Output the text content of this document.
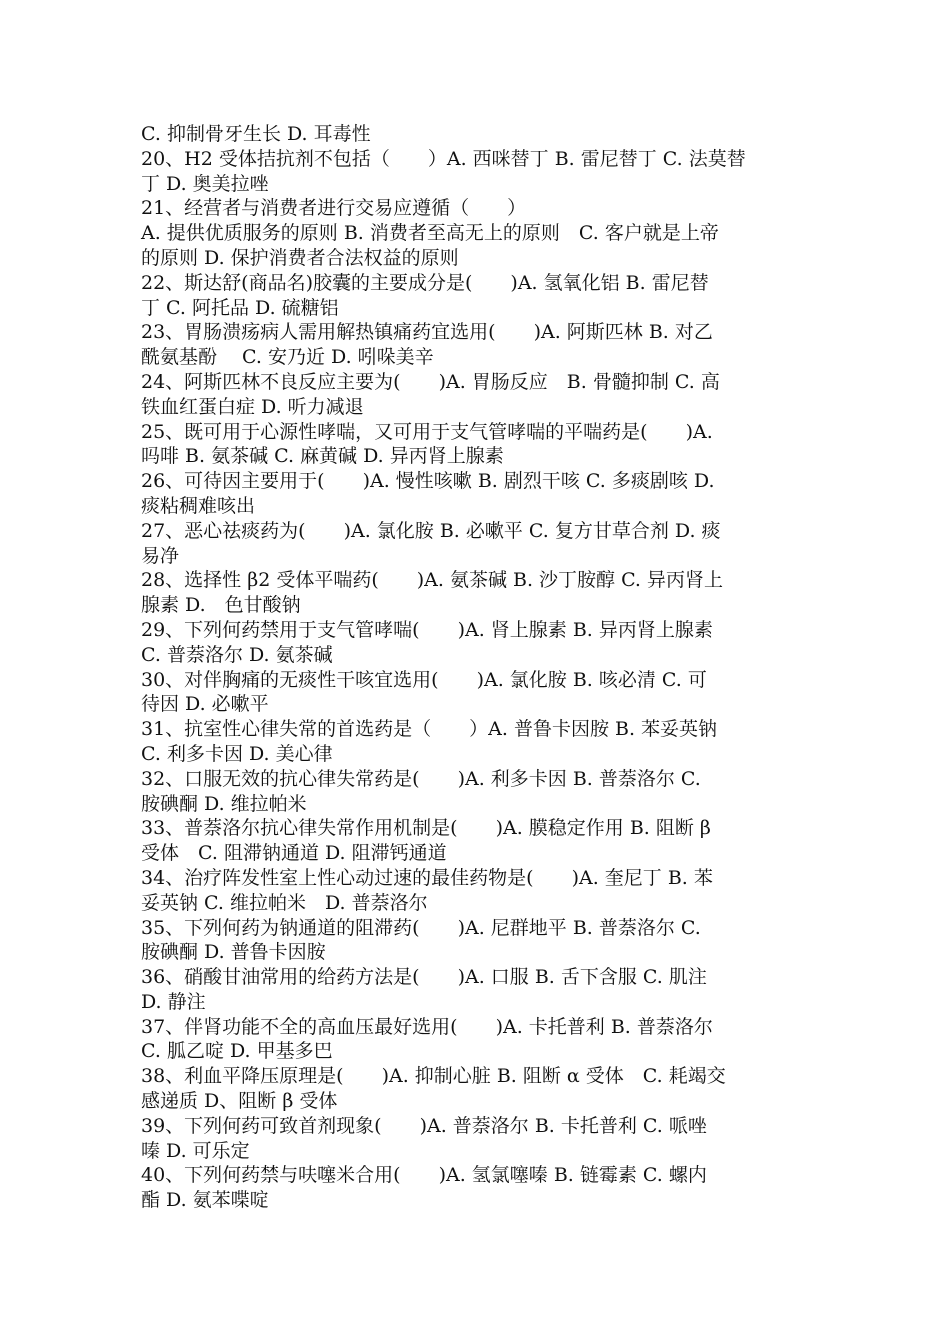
C. 抑制骨牙生长 D. 耳毒性
20、H2 受体拮抗剂不包括（　　）A. 西咪替丁 B. 雷尼替丁 C. 法莫替
丁 D. 奥美拉唑
21、经营者与消费者进行交易应遵循（　　）
A. 提供优质服务的原则 B. 消费者至高无上的原则　C. 客户就是上帝
的原则 D. 保护消费者合法权益的原则
22、斯达舒(商品名)胶囊的主要成分是(　　)A. 氢氧化铝 B. 雷尼替
丁 C. 阿托品 D. 硫糖铝
23、胃肠溃疡病人需用解热镇痛药宜选用(　　)A. 阿斯匹林 B. 对乙
酰氨基酚　 C. 安乃近 D. 吲哚美辛
24、阿斯匹林不良反应主要为(　　)A. 胃肠反应　B. 骨髓抑制 C. 高
铁血红蛋白症 D. 听力减退
25、既可用于心源性哮喘，又可用于支气管哮喘的平喘药是(　　)A.
吗啡 B. 氨茶碱 C. 麻黄碱 D. 异丙肾上腺素
26、可待因主要用于(　　)A. 慢性咳嗽 B. 剧烈干咳 C. 多痰剧咳 D.
痰粘稠难咳出
27、恶心祛痰药为(　　)A. 氯化胺 B. 必嗽平 C. 复方甘草合剂 D. 痰
易净
28、选择性 β2 受体平喘药(　　)A. 氨茶碱 B. 沙丁胺醇 C. 异丙肾上
腺素 D.　色甘酸钠
29、下列何药禁用于支气管哮喘(　　)A. 肾上腺素 B. 异丙肾上腺素
C. 普萘洛尔 D. 氨茶碱
30、对伴胸痛的无痰性干咳宜选用(　　)A. 氯化胺 B. 咳必清 C. 可
待因 D. 必嗽平
31、抗室性心律失常的首选药是（　　）A. 普鲁卡因胺 B. 苯妥英钠
C. 利多卡因 D. 美心律
32、口服无效的抗心律失常药是(　　)A. 利多卡因 B. 普萘洛尔 C.
胺碘酮 D. 维拉帕米
33、普萘洛尔抗心律失常作用机制是(　　)A. 膜稳定作用 B. 阻断 β
受体　C. 阻滞钠通道 D. 阻滞钙通道
34、治疗阵发性室上性心动过速的最佳药物是(　　)A. 奎尼丁 B. 苯
妥英钠 C. 维拉帕米　D. 普萘洛尔
35、下列何药为钠通道的阻滞药(　　)A. 尼群地平 B. 普萘洛尔 C.
胺碘酮 D. 普鲁卡因胺
36、硝酸甘油常用的给药方法是(　　)A. 口服 B. 舌下含服 C. 肌注
D. 静注
37、伴肾功能不全的高血压最好选用(　　)A. 卡托普利 B. 普萘洛尔
C. 胍乙啶 D. 甲基多巴
38、利血平降压原理是(　　)A. 抑制心脏 B. 阻断 α 受体　C. 耗竭交
感递质 D、阻断 β 受体
39、下列何药可致首剂现象(　　)A. 普萘洛尔 B. 卡托普利 C. 哌唑
嗪 D. 可乐定
40、下列何药禁与呋噻米合用(　　)A. 氢氯噻嗪 B. 链霉素 C. 螺内
酯 D. 氨苯喋啶
